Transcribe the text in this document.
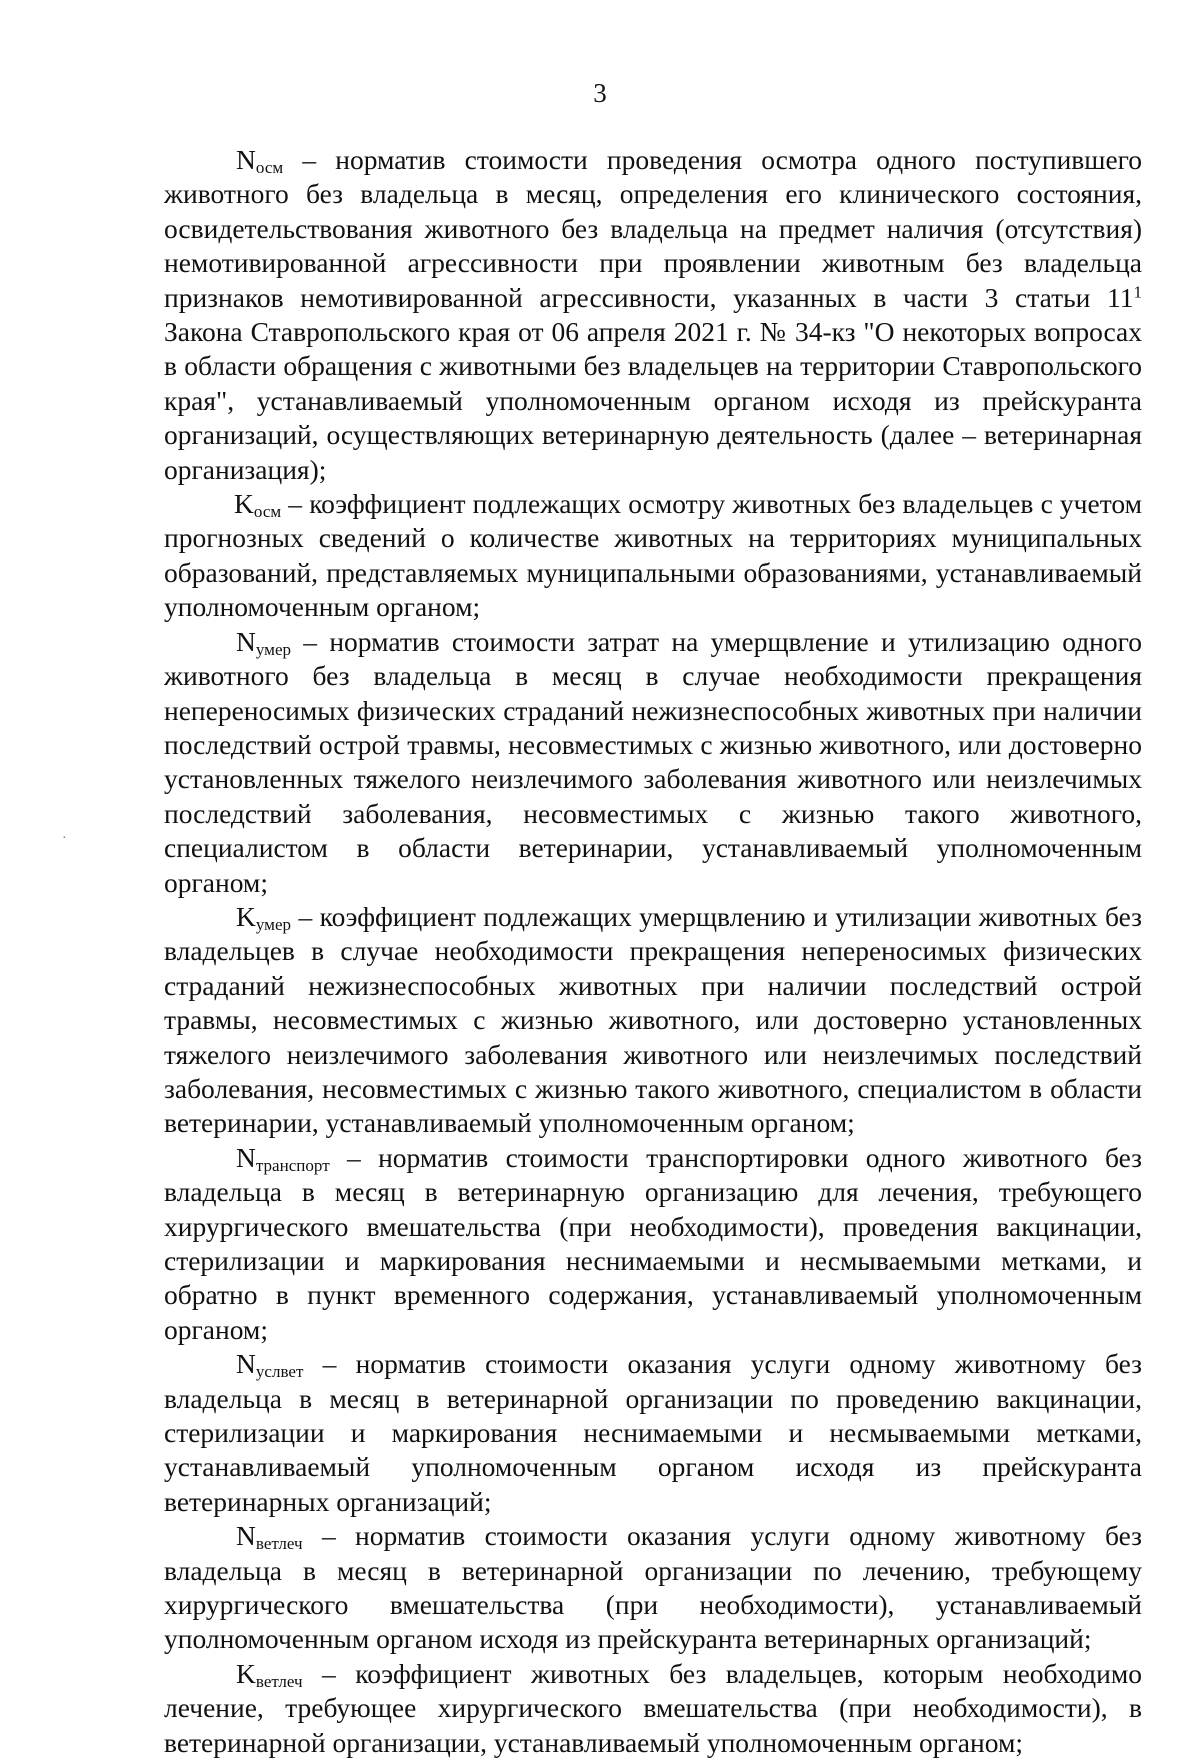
3
·

$N_{осм}$ – норматив стоимости проведения осмотра одного поступившего животного без владельца в месяц, определения его клинического состояния, освидетельствования животного без владельца на предмет наличия (отсутствия) немотивированной агрессивности при проявлении животным без владельца признаков немотивированной агрессивности, указанных в части 3 статьи 11$^1$ Закона Ставропольского края от 06 апреля 2021 г. № 34-кз "О некоторых вопросах в области обращения с животными без владельцев на территории Ставропольского края", устанавливаемый уполномоченным органом исходя из прейскуранта организаций, осуществляющих ветеринарную деятельность (далее – ветеринарная организация);

$K_{осм}$ – коэффициент подлежащих осмотру животных без владельцев с учетом прогнозных сведений о количестве животных на территориях муниципальных образований, представляемых муниципальными образованиями, устанавливаемый уполномоченным органом;

$N_{умер}$ – норматив стоимости затрат на умерщвление и утилизацию одного животного без владельца в месяц в случае необходимости прекращения непереносимых физических страданий нежизнеспособных животных при наличии последствий острой травмы, несовместимых с жизнью животного, или достоверно установленных тяжелого неизлечимого заболевания животного или неизлечимых последствий заболевания, несовместимых с жизнью такого животного, специалистом в области ветеринарии, устанавливаемый уполномоченным органом;

$K_{умер}$ – коэффициент подлежащих умерщвлению и утилизации животных без владельцев в случае необходимости прекращения непереносимых физических страданий нежизнеспособных животных при наличии последствий острой травмы, несовместимых с жизнью животного, или достоверно установленных тяжелого неизлечимого заболевания животного или неизлечимых последствий заболевания, несовместимых с жизнью такого животного, специалистом в области ветеринарии, устанавливаемый уполномоченным органом;

$N_{транспорт}$ – норматив стоимости транспортировки одного животного без владельца в месяц в ветеринарную организацию для лечения, требующего хирургического вмешательства (при необходимости), проведения вакцинации, стерилизации и маркирования неснимаемыми и несмываемыми метками, и обратно в пункт временного содержания, устанавливаемый уполномоченным органом;

$N_{услвет}$ – норматив стоимости оказания услуги одному животному без владельца в месяц в ветеринарной организации по проведению вакцинации, стерилизации и маркирования неснимаемыми и несмываемыми метками, устанавливаемый уполномоченным органом исходя из прейскуранта ветеринарных организаций;

$N_{ветлеч}$ – норматив стоимости оказания услуги одному животному без владельца в месяц в ветеринарной организации по лечению, требующему хирургического вмешательства (при необходимости), устанавливаемый уполномоченным органом исходя из прейскуранта ветеринарных организаций;

$K_{ветлеч}$ – коэффициент животных без владельцев, которым необходимо лечение, требующее хирургического вмешательства (при необходимости), в ветеринарной организации, устанавливаемый уполномоченным органом;
